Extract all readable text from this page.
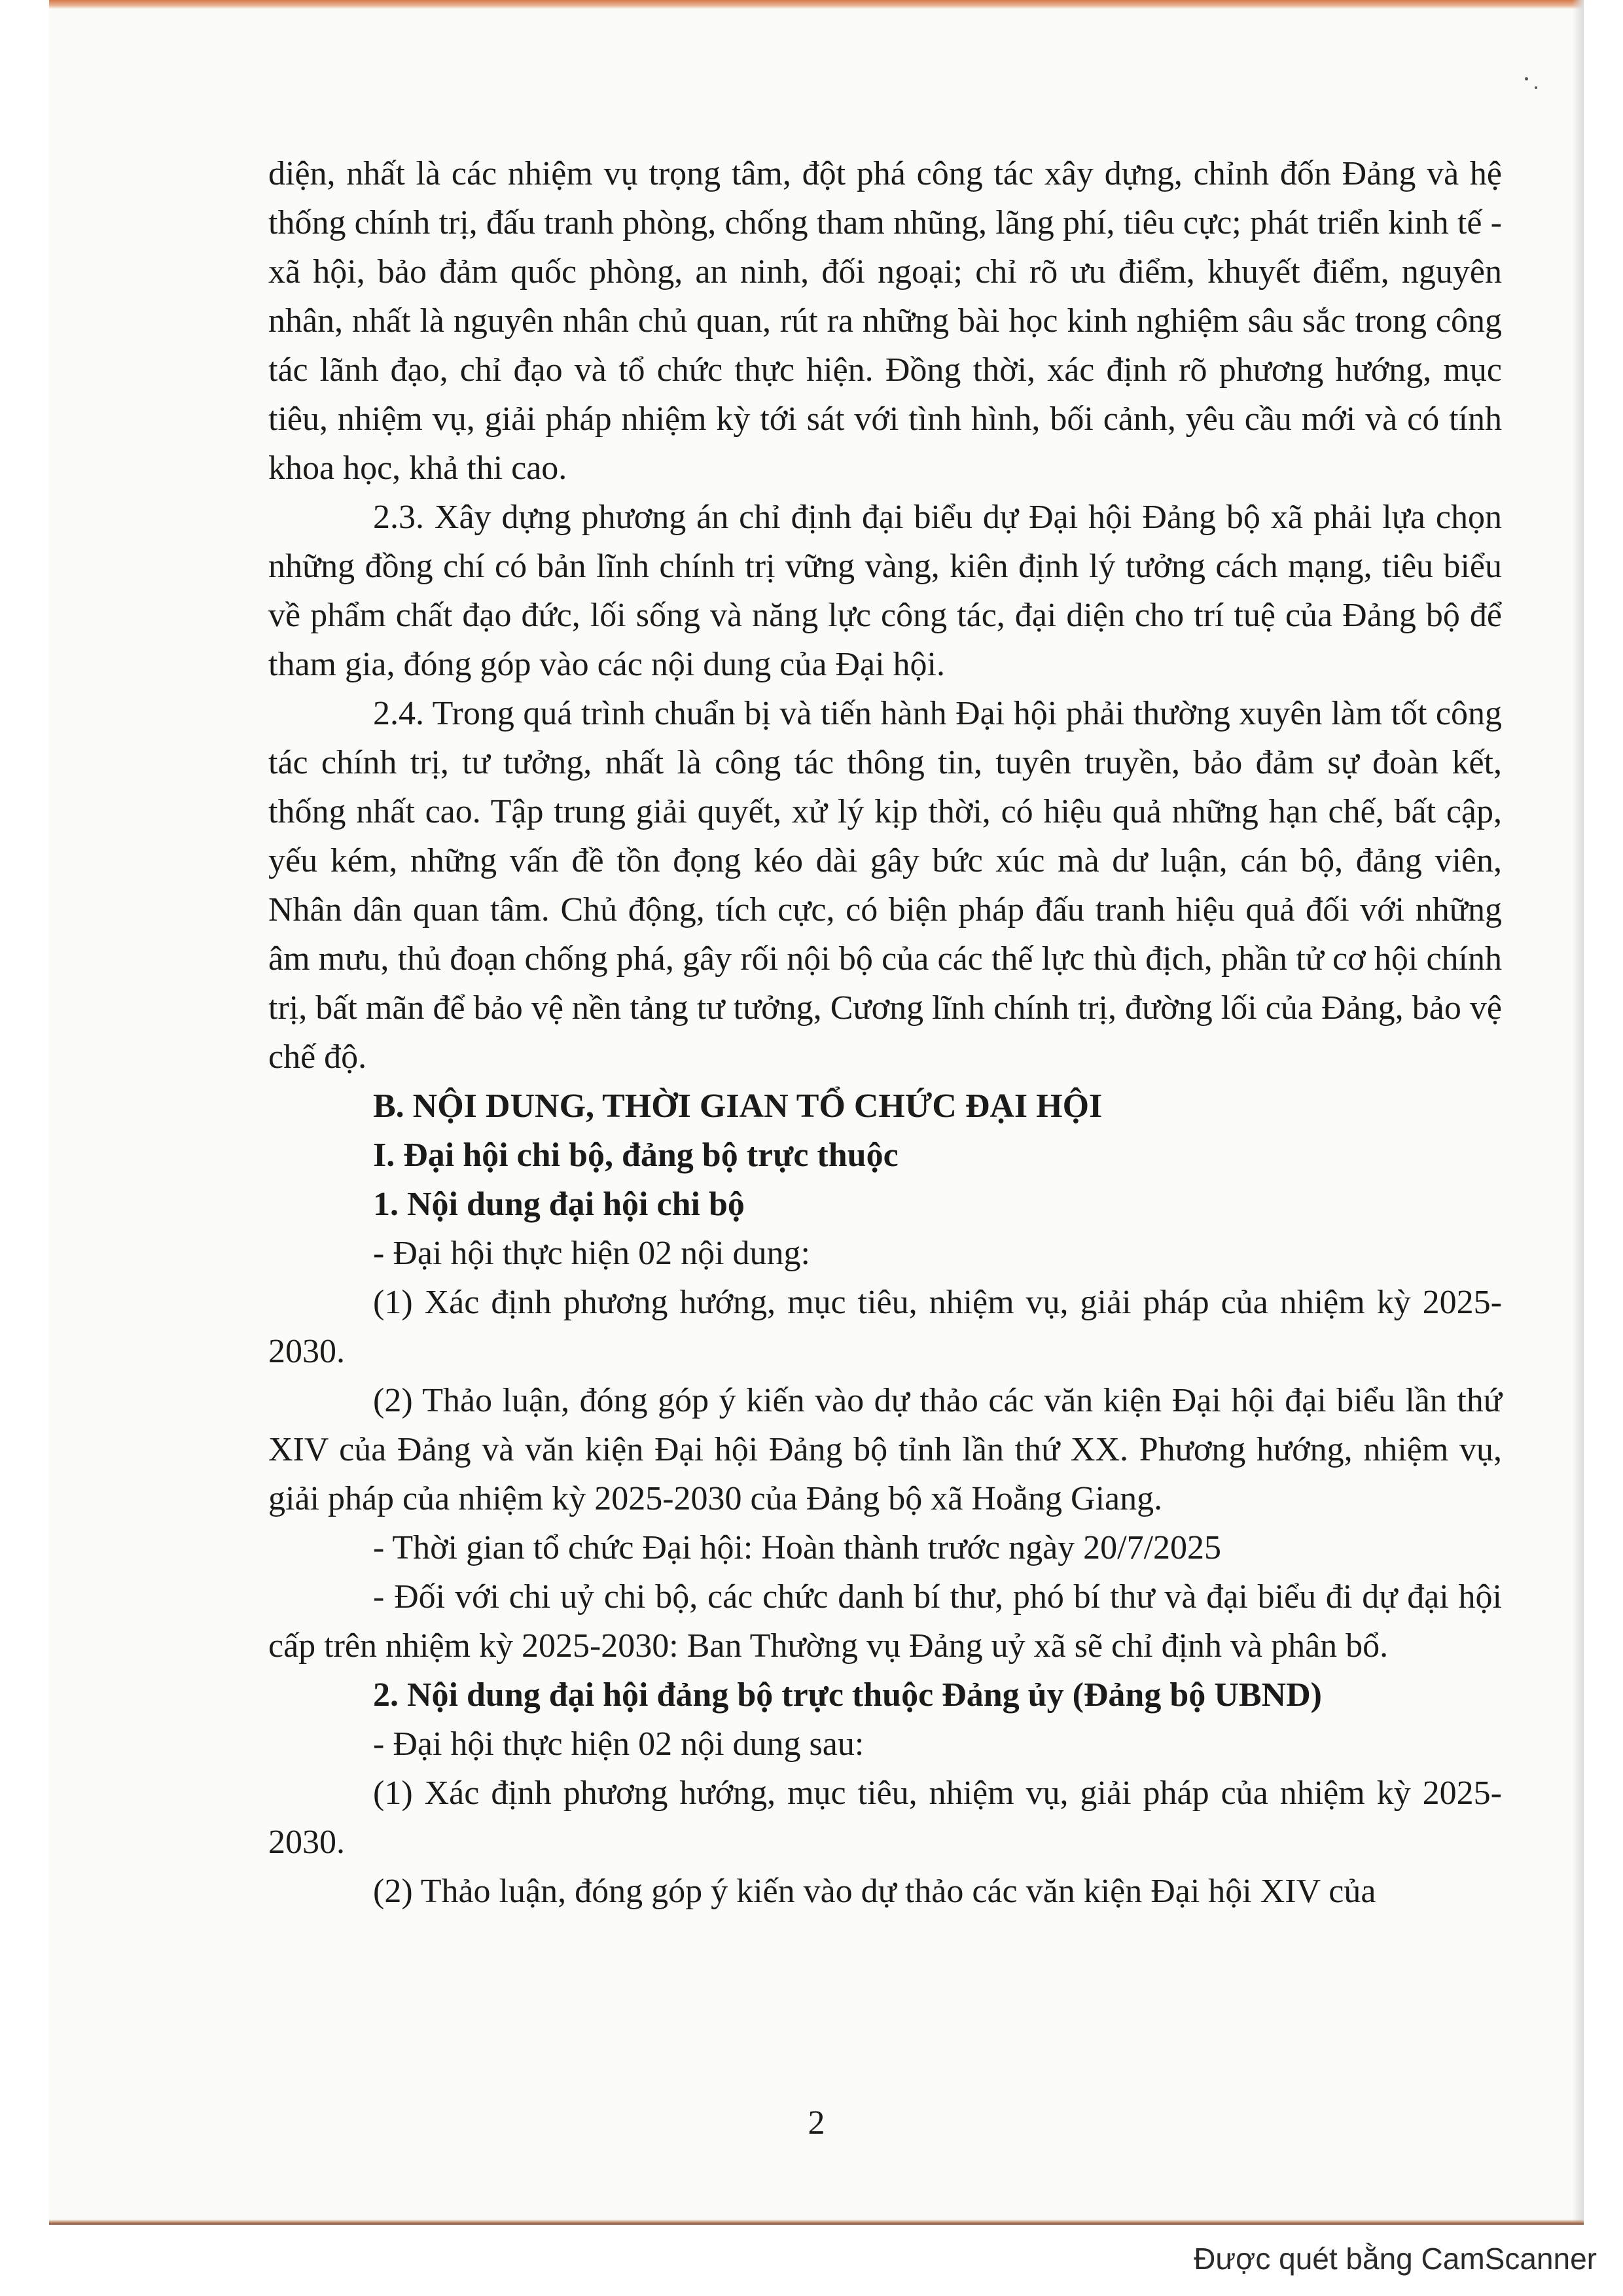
diện, nhất là các nhiệm vụ trọng tâm, đột phá công tác xây dựng, chỉnh đốn Đảng và hệ thống chính trị, đấu tranh phòng, chống tham nhũng, lãng phí, tiêu cực; phát triển kinh tế - xã hội, bảo đảm quốc phòng, an ninh, đối ngoại; chỉ rõ ưu điểm, khuyết điểm, nguyên nhân, nhất là nguyên nhân chủ quan, rút ra những bài học kinh nghiệm sâu sắc trong công tác lãnh đạo, chỉ đạo và tổ chức thực hiện. Đồng thời, xác định rõ phương hướng, mục tiêu, nhiệm vụ, giải pháp nhiệm kỳ tới sát với tình hình, bối cảnh, yêu cầu mới và có tính khoa học, khả thi cao.

2.3. Xây dựng phương án chỉ định đại biểu dự Đại hội Đảng bộ xã phải lựa chọn những đồng chí có bản lĩnh chính trị vững vàng, kiên định lý tưởng cách mạng, tiêu biểu về phẩm chất đạo đức, lối sống và năng lực công tác, đại diện cho trí tuệ của Đảng bộ để tham gia, đóng góp vào các nội dung của Đại hội.

2.4. Trong quá trình chuẩn bị và tiến hành Đại hội phải thường xuyên làm tốt công tác chính trị, tư tưởng, nhất là công tác thông tin, tuyên truyền, bảo đảm sự đoàn kết, thống nhất cao. Tập trung giải quyết, xử lý kịp thời, có hiệu quả những hạn chế, bất cập, yếu kém, những vấn đề tồn đọng kéo dài gây bức xúc mà dư luận, cán bộ, đảng viên, Nhân dân quan tâm. Chủ động, tích cực, có biện pháp đấu tranh hiệu quả đối với những âm mưu, thủ đoạn chống phá, gây rối nội bộ của các thế lực thù địch, phần tử cơ hội chính trị, bất mãn để bảo vệ nền tảng tư tưởng, Cương lĩnh chính trị, đường lối của Đảng, bảo vệ chế độ.

B. NỘI DUNG, THỜI GIAN TỔ CHỨC ĐẠI HỘI

I. Đại hội chi bộ, đảng bộ trực thuộc

1. Nội dung đại hội chi bộ

- Đại hội thực hiện 02 nội dung:

(1) Xác định phương hướng, mục tiêu, nhiệm vụ, giải pháp của nhiệm kỳ 2025-2030.

(2) Thảo luận, đóng góp ý kiến vào dự thảo các văn kiện Đại hội đại biểu lần thứ XIV của Đảng và văn kiện Đại hội Đảng bộ tỉnh lần thứ XX. Phương hướng, nhiệm vụ, giải pháp của nhiệm kỳ 2025-2030 của Đảng bộ xã Hoằng Giang.

- Thời gian tổ chức Đại hội: Hoàn thành trước ngày 20/7/2025

- Đối với chi uỷ chi bộ, các chức danh bí thư, phó bí thư và đại biểu đi dự đại hội cấp trên nhiệm kỳ 2025-2030: Ban Thường vụ Đảng uỷ xã sẽ chỉ định và phân bổ.

2. Nội dung đại hội đảng bộ trực thuộc Đảng ủy (Đảng bộ UBND)

- Đại hội thực hiện 02 nội dung sau:

(1) Xác định phương hướng, mục tiêu, nhiệm vụ, giải pháp của nhiệm kỳ 2025-2030.

(2) Thảo luận, đóng góp ý kiến vào dự thảo các văn kiện Đại hội XIV của

2
Được quét bằng CamScanner
